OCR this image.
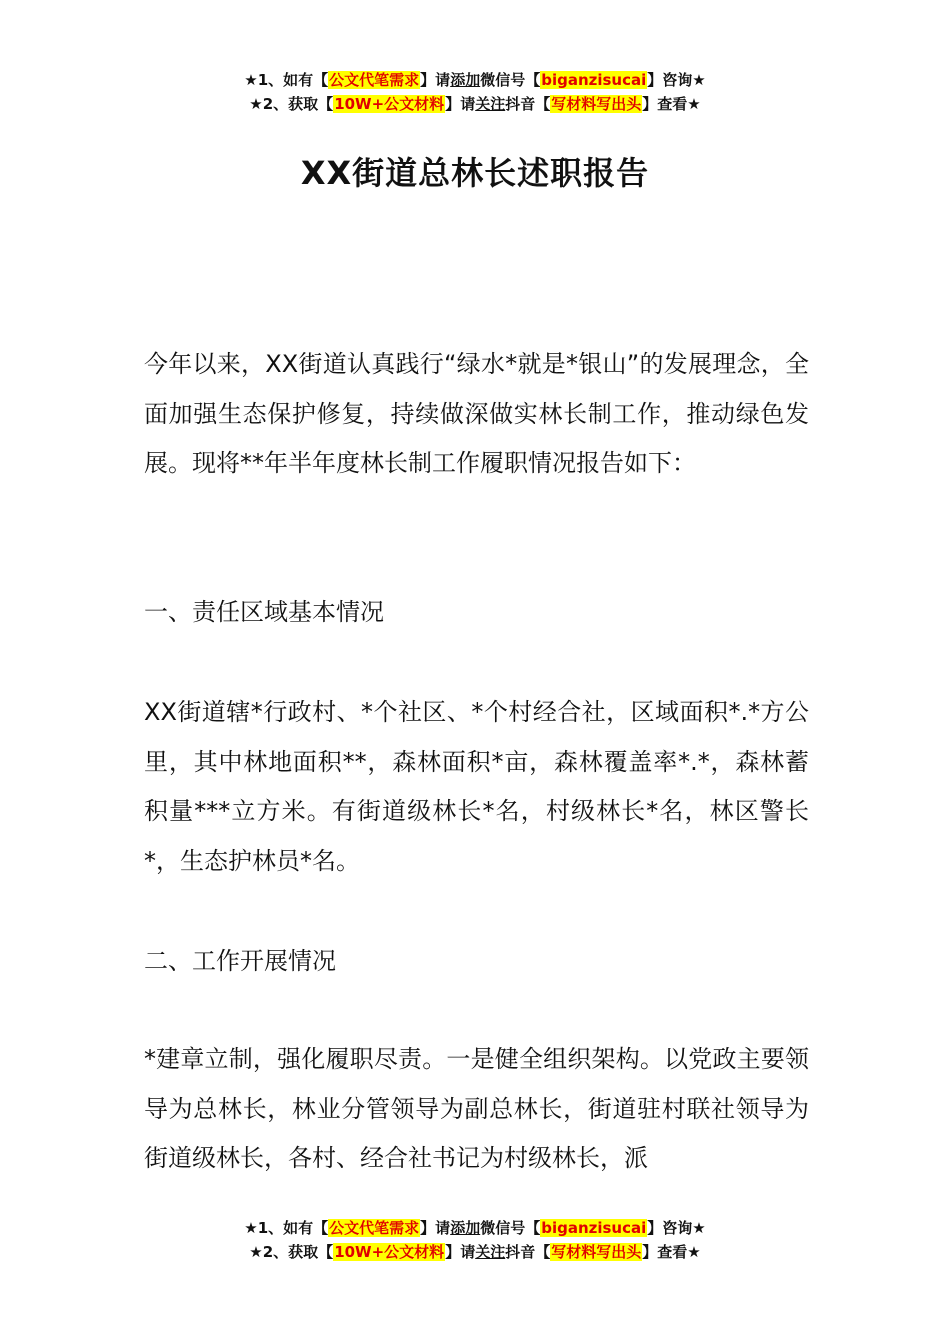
★1、如有【公文代笔需求】请添加微信号【biganzisucai】咨询★
★2、获取【10W+公文材料】请关注抖音【写材料写出头】查看★
XX街道总林长述职报告

今年以来，XX街道认真践行“绿水*就是*银山”的发展理念，全面加强生态保护修复，持续做深做实林长制工作，推动绿色发展。现将**年半年度林长制工作履职情况报告如下：

一、责任区域基本情况

XX街道辖*行政村、*个社区、*个村经合社，区域面积*.*方公里，其中林地面积**，森林面积*亩，森林覆盖率*.*，森林蓄积量***立方米。有街道级林长*名，村级林长*名，林区警长*，生态护林员*名。

二、工作开展情况

*建章立制，强化履职尽责。一是健全组织架构。以党政主要领导为总林长，林业分管领导为副总林长，街道驻村联社领导为街道级林长，各村、经合社书记为村级林长，派

★1、如有【公文代笔需求】请添加微信号【biganzisucai】咨询★
★2、获取【10W+公文材料】请关注抖音【写材料写出头】查看★
